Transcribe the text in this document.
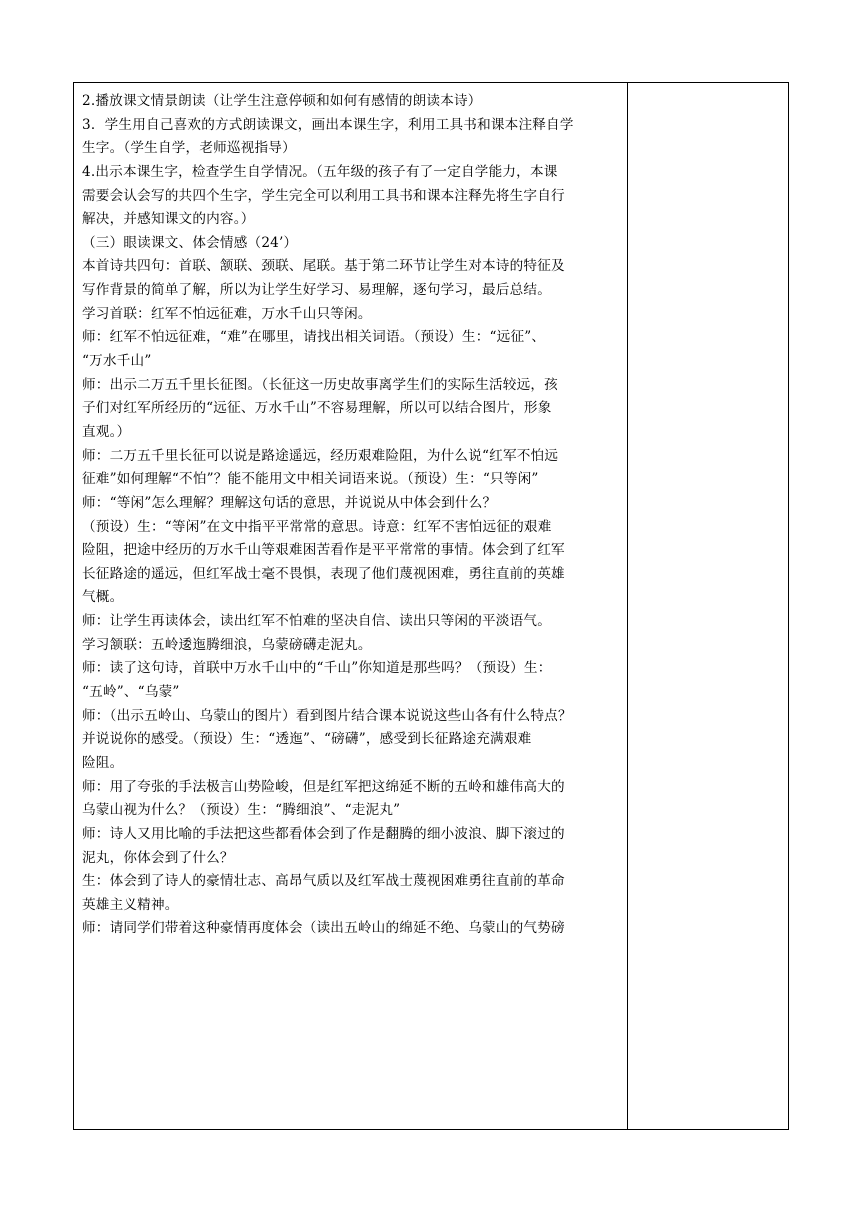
2.播放课文情景朗读（让学生注意停顿和如何有感情的朗读本诗）
3．学生用自己喜欢的方式朗读课文，画出本课生字，利用工具书和课本注释自学
生字。（学生自学，老师巡视指导）
4.出示本课生字，检查学生自学情况。（五年级的孩子有了一定自学能力，本课
需要会认会写的共四个生字，学生完全可以利用工具书和课本注释先将生字自行
解决，并感知课文的内容。）
（三）眼读课文、体会情感（24’）
本首诗共四句：首联、颔联、颈联、尾联。基于第二环节让学生对本诗的特征及
写作背景的简单了解，所以为让学生好学习、易理解，逐句学习，最后总结。
学习首联：红军不怕远征难，万水千山只等闲。
师：红军不怕远征难，“难”在哪里，请找出相关词语。（预设）生：“远征”、
“万水千山”
师：出示二万五千里长征图。（长征这一历史故事离学生们的实际生活较远，孩
子们对红军所经历的“远征、万水千山”不容易理解，所以可以结合图片，形象
直观。）
师：二万五千里长征可以说是路途遥远，经历艰难险阻，为什么说“红军不怕远
征难”如何理解“不怕”？能不能用文中相关词语来说。（预设）生：“只等闲”
师：“等闲”怎么理解？理解这句话的意思，并说说从中体会到什么？
（预设）生：“等闲”在文中指平平常常的意思。诗意：红军不害怕远征的艰难
险阻，把途中经历的万水千山等艰难困苦看作是平平常常的事情。体会到了红军
长征路途的遥远，但红军战士毫不畏惧，表现了他们蔑视困难，勇往直前的英雄
气概。
师：让学生再读体会，读出红军不怕难的坚决自信、读出只等闲的平淡语气。
学习颔联：五岭逶迤腾细浪，乌蒙磅礴走泥丸。
师：读了这句诗，首联中万水千山中的“千山”你知道是那些吗？（预设）生：
“五岭”、“乌蒙”
师：（出示五岭山、乌蒙山的图片）看到图片结合课本说说这些山各有什么特点？
并说说你的感受。（预设）生：“透迤”、“磅礴”，感受到长征路途充满艰难
险阻。
师：用了夸张的手法极言山势险峻，但是红军把这绵延不断的五岭和雄伟高大的
乌蒙山视为什么？（预设）生：“腾细浪”、“走泥丸”
师：诗人又用比喻的手法把这些都看体会到了作是翻腾的细小波浪、脚下滚过的
泥丸，你体会到了什么？
生：体会到了诗人的豪情壮志、高昂气质以及红军战士蔑视困难勇往直前的革命
英雄主义精神。
师：请同学们带着这种豪情再度体会（读出五岭山的绵延不绝、乌蒙山的气势磅
